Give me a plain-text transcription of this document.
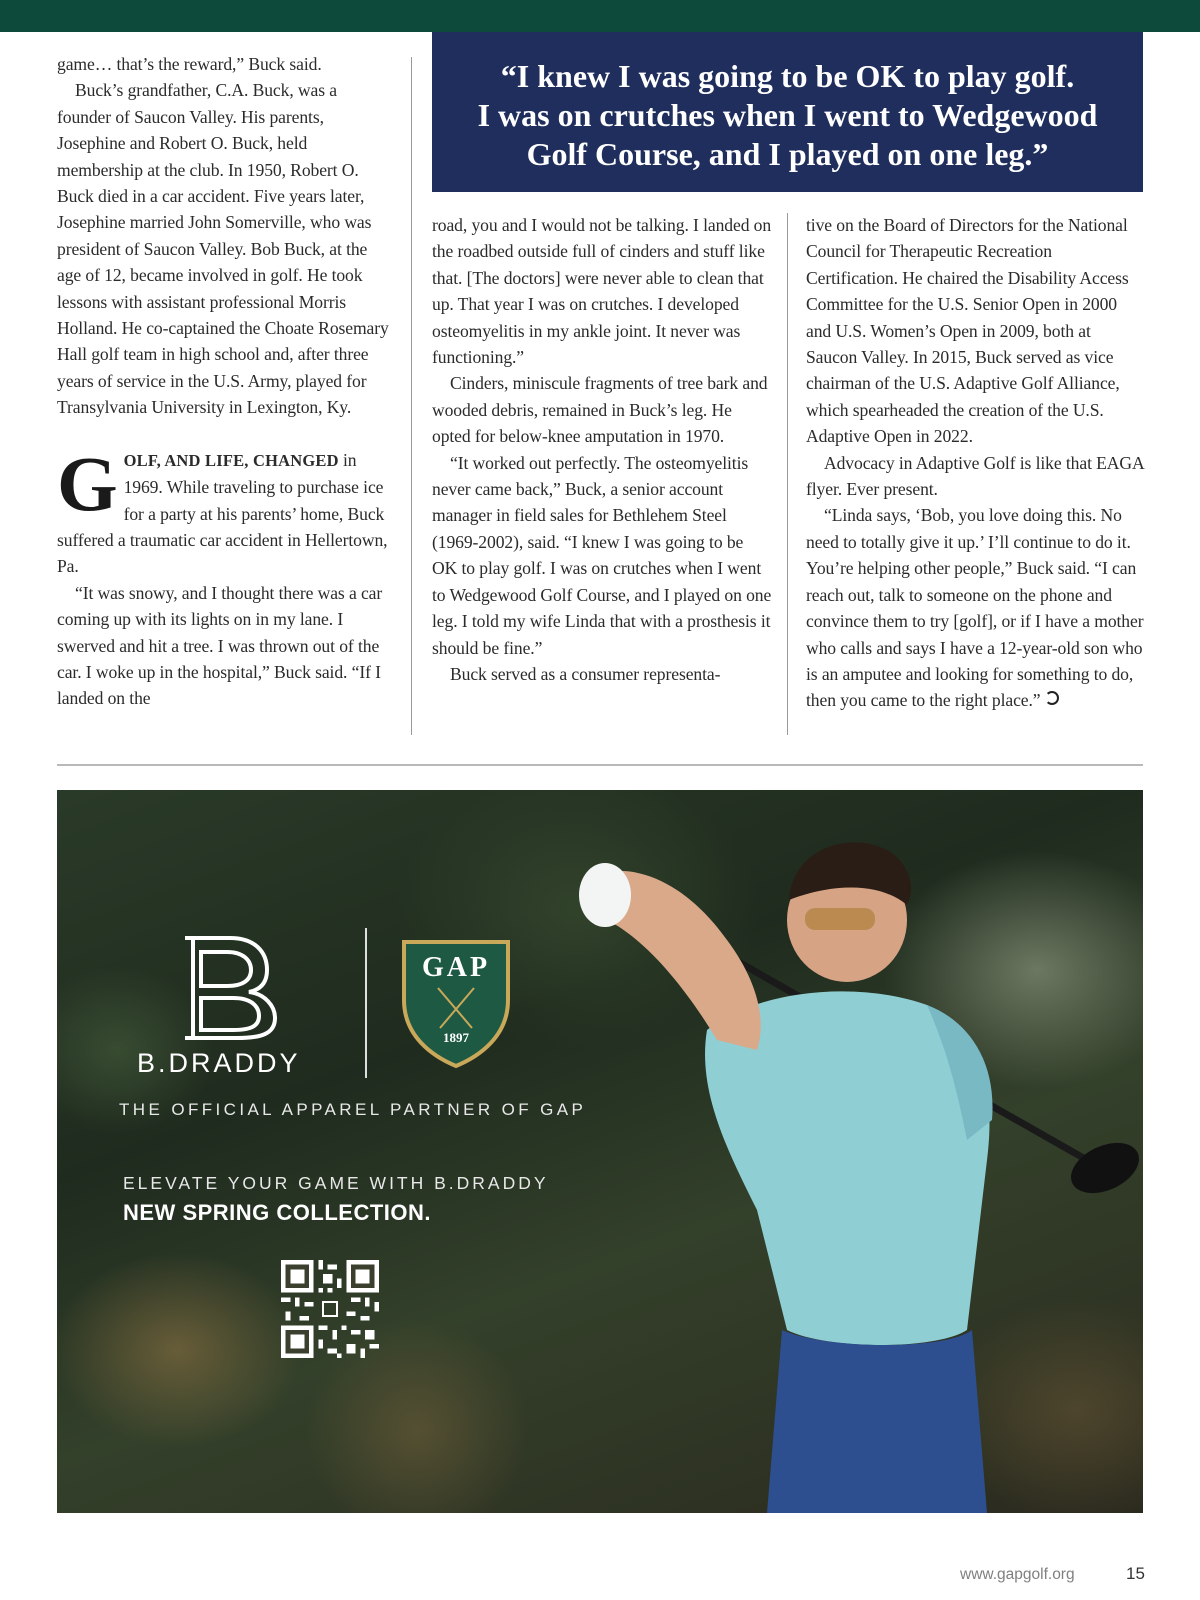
game… that’s the reward,” Buck said.

Buck’s grandfather, C.A. Buck, was a founder of Saucon Valley. His parents, Josephine and Robert O. Buck, held membership at the club. In 1950, Robert O. Buck died in a car accident. Five years later, Josephine married John Somerville, who was president of Saucon Valley. Bob Buck, at the age of 12, became involved in golf. He took lessons with assistant professional Morris Holland. He co-captained the Choate Rosemary Hall golf team in high school and, after three years of service in the U.S. Army, played for Transylvania University in Lexington, Ky.

G OLF, AND LIFE, CHANGED in 1969. While traveling to purchase ice for a party at his parents’ home, Buck suffered a traumatic car accident in Hellertown, Pa.

“It was snowy, and I thought there was a car coming up with its lights on in my lane. I swerved and hit a tree. I was thrown out of the car. I woke up in the hospital,” Buck said. “If I landed on the

“I knew I was going to be OK to play golf.
I was on crutches when I went to Wedgewood
Golf Course, and I played on one leg.”

road, you and I would not be talking. I landed on the roadbed outside full of cinders and stuff like that. [The doctors] were never able to clean that up. That year I was on crutches. I developed osteomyelitis in my ankle joint. It never was functioning.”

Cinders, miniscule fragments of tree bark and wooded debris, remained in Buck’s leg. He opted for below-knee amputation in 1970.

“It worked out perfectly. The osteomyelitis never came back,” Buck, a senior account manager in field sales for Bethlehem Steel (1969-2002), said. “I knew I was going to be OK to play golf. I was on crutches when I went to Wedgewood Golf Course, and I played on one leg. I told my wife Linda that with a prosthesis it should be fine.”

Buck served as a consumer representa-

tive on the Board of Directors for the National Council for Therapeutic Recreation Certification. He chaired the Disability Access Committee for the U.S. Senior Open in 2000 and U.S. Women’s Open in 2009, both at Saucon Valley. In 2015, Buck served as vice chairman of the U.S. Adaptive Golf Alliance, which spearheaded the creation of the U.S. Adaptive Open in 2022.

Advocacy in Adaptive Golf is like that EAGA flyer. Ever present.

“Linda says, ‘Bob, you love doing this. No need to totally give it up.’ I’ll continue to do it. You’re helping other people,” Buck said. “I can reach out, talk to someone on the phone and convince them to try [golf], or if I have a mother who calls and says I have a 12-year-old son who is an amputee and looking for something to do, then you came to the right place.”

B.DRADDY
GAP
1897
THE OFFICIAL APPAREL PARTNER OF GAP
ELEVATE YOUR GAME WITH B.DRADDY
NEW SPRING COLLECTION.
www.gapgolf.org	15
